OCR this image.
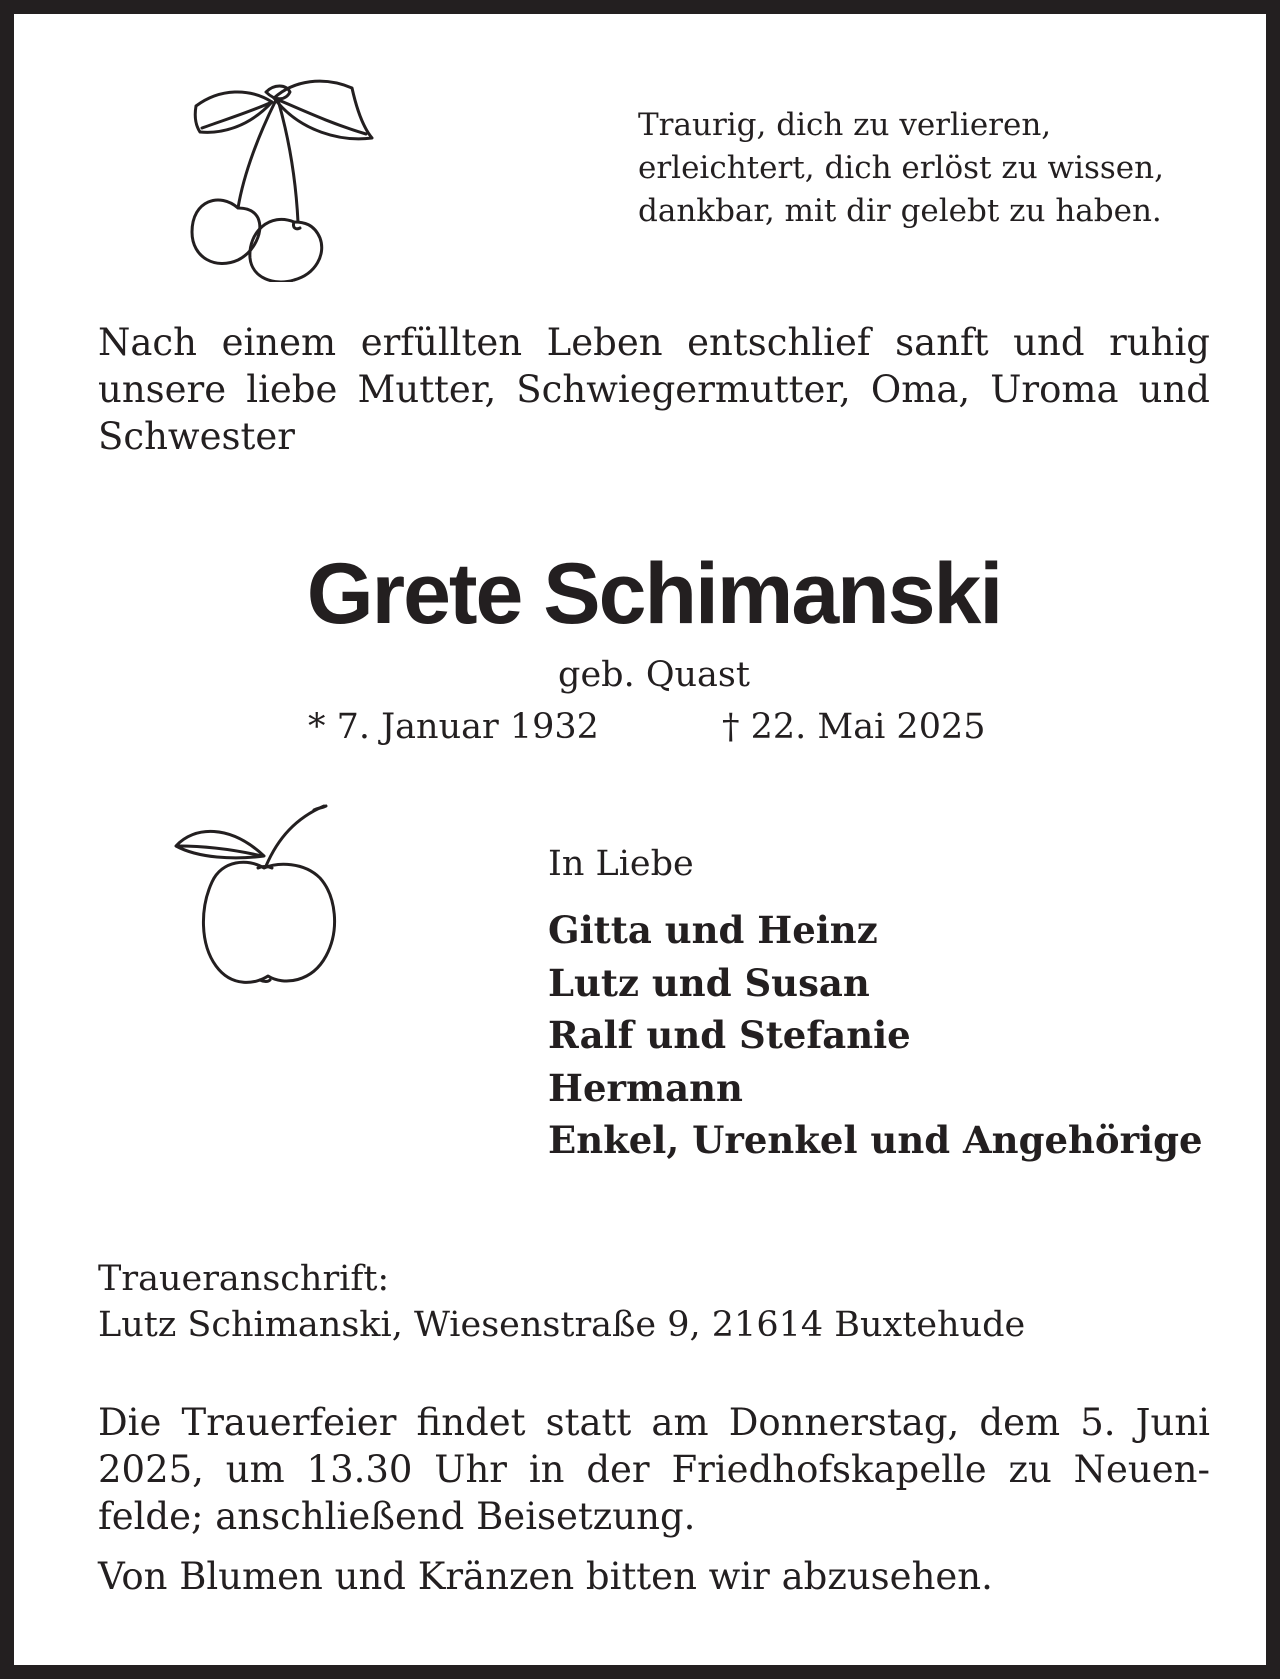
Traurig, dich zu verlieren,
erleichtert, dich erlöst zu wissen,
dankbar, mit dir gelebt zu haben.
Nach einem erfüllten Leben entschlief sanft und ruhig
unsere liebe Mutter, Schwiegermutter, Oma, Uroma und
Schwester
Grete Schimanski
geb. Quast
* 7. Januar 1932	† 22. Mai 2025
In Liebe
Gitta und Heinz
Lutz und Susan
Ralf und Stefanie
Hermann
Enkel, Urenkel und Angehörige
Traueranschrift:
Lutz Schimanski, Wiesenstraße 9, 21614 Buxtehude
Die Trauerfeier findet statt am Donnerstag, dem 5. Juni
2025, um 13.30 Uhr in der Friedhofskapelle zu Neuen-
felde; anschließend Beisetzung.
Von Blumen und Kränzen bitten wir abzusehen.
